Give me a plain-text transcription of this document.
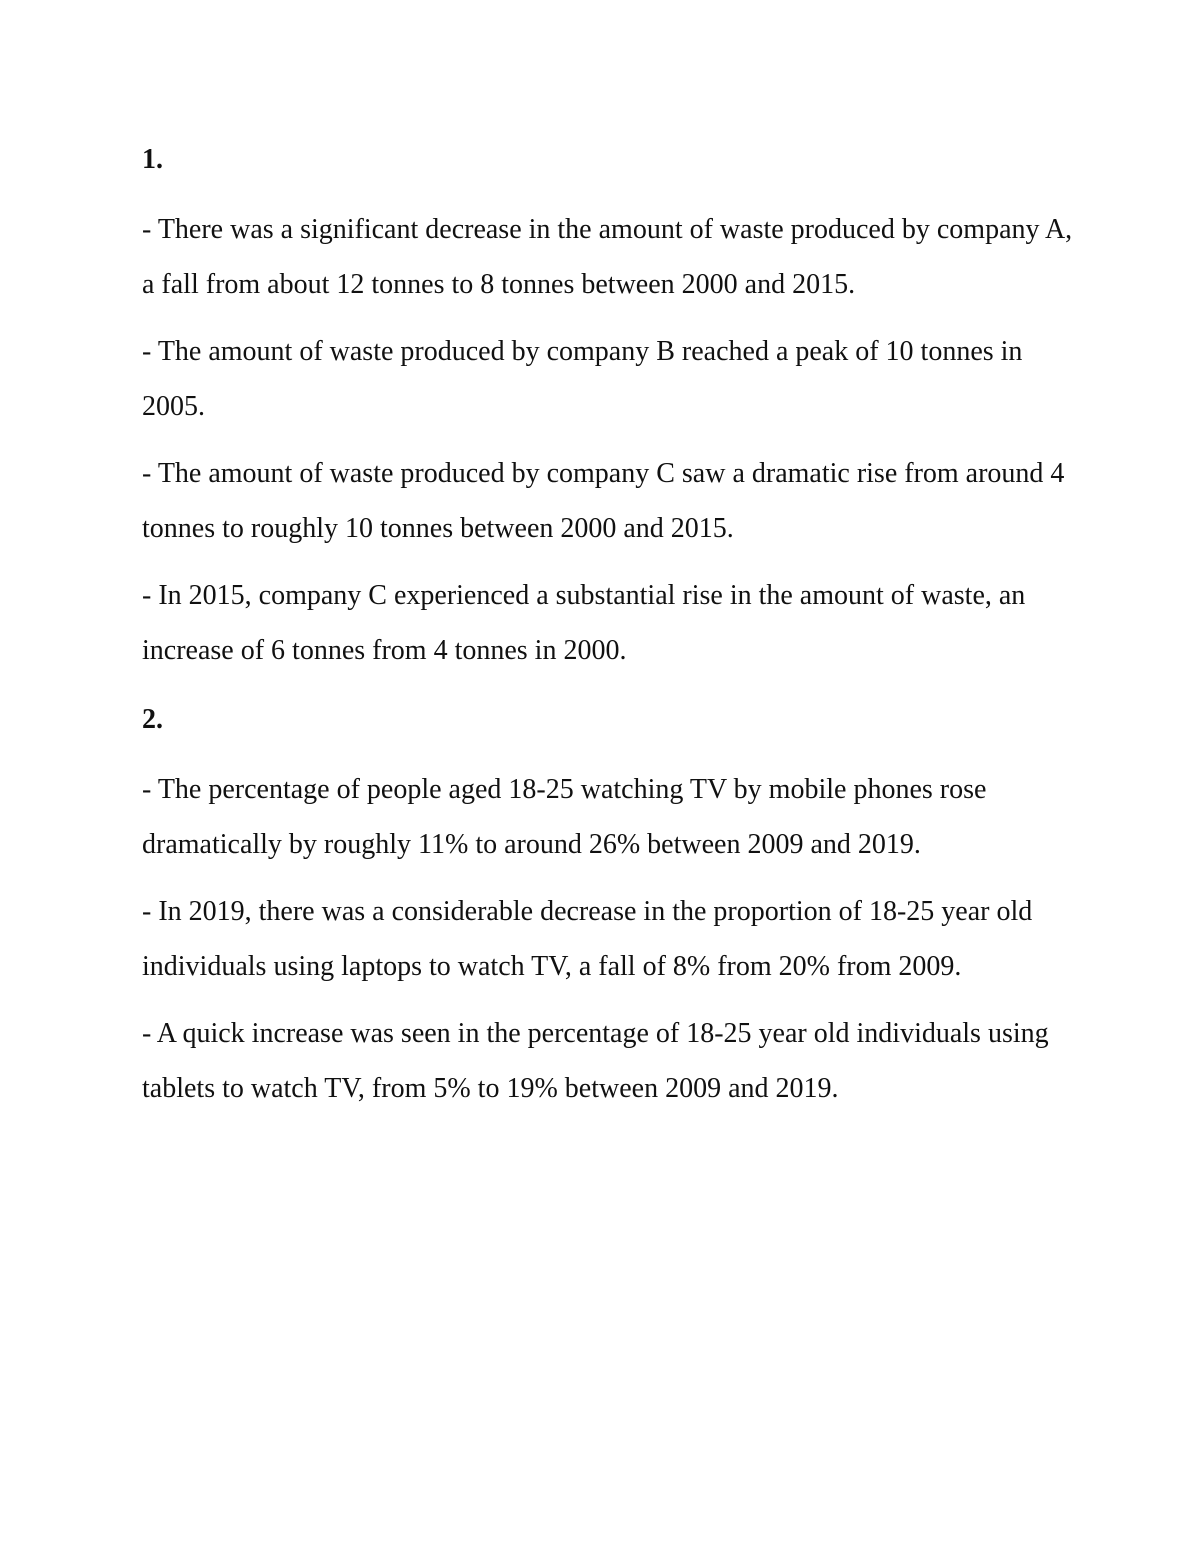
1.

- There was a significant decrease in the amount of waste produced by company A, a fall from about 12 tonnes to 8 tonnes between 2000 and 2015.

- The amount of waste produced by company B reached a peak of 10 tonnes in 2005.

- The amount of waste produced by company C saw a dramatic rise from around 4 tonnes to roughly 10 tonnes between 2000 and 2015.

- In 2015, company C experienced a substantial rise in the amount of waste, an increase of 6 tonnes from 4 tonnes in 2000.

2.

- The percentage of people aged 18-25 watching TV by mobile phones rose dramatically by roughly 11% to around 26% between 2009 and 2019.

- In 2019, there was a considerable decrease in the proportion of 18-25 year old individuals using laptops to watch TV, a fall of 8% from 20% from 2009.

- A quick increase was seen in the percentage of 18-25 year old individuals using tablets to watch TV, from 5% to 19% between 2009 and 2019.
